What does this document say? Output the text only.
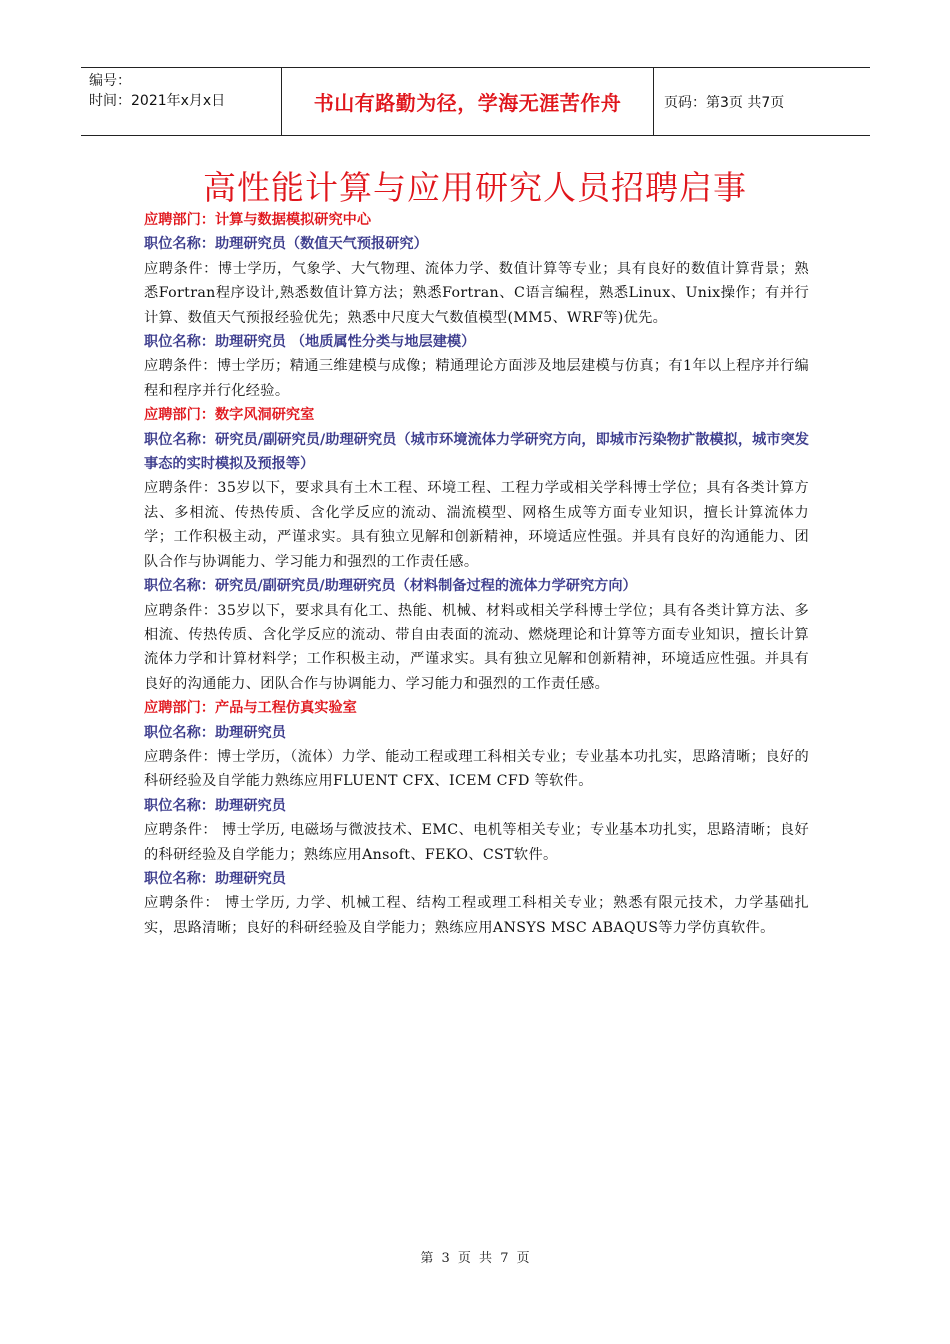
编号：
时间：2021年x月x日	书山有路勤为径，学海无涯苦作舟	页码：第3页 共7页
高性能计算与应用研究人员招聘启事

应聘部门：计算与数据模拟研究中心

职位名称：助理研究员（数值天气预报研究）

应聘条件：博士学历，气象学、大气物理、流体力学、数值计算等专业；具有良好的数值计算背景；熟悉Fortran程序设计,熟悉数值计算方法；熟悉Fortran、C语言编程，熟悉Linux、Unix操作；有并行计算、数值天气预报经验优先；熟悉中尺度大气数值模型(MM5、WRF等)优先。

职位名称：助理研究员 （地质属性分类与地层建模）

应聘条件：博士学历；精通三维建模与成像；精通理论方面涉及地层建模与仿真；有1年以上程序并行编程和程序并行化经验。

应聘部门：数字风洞研究室

职位名称：研究员/副研究员/助理研究员（城市环境流体力学研究方向，即城市污染物扩散模拟，城市突发事态的实时模拟及预报等）

应聘条件：35岁以下，要求具有土木工程、环境工程、工程力学或相关学科博士学位；具有各类计算方法、多相流、传热传质、含化学反应的流动、湍流模型、网格生成等方面专业知识，擅长计算流体力学；工作积极主动，严谨求实。具有独立见解和创新精神，环境适应性强。并具有良好的沟通能力、团队合作与协调能力、学习能力和强烈的工作责任感。

职位名称：研究员/副研究员/助理研究员（材料制备过程的流体力学研究方向）

应聘条件：35岁以下，要求具有化工、热能、机械、材料或相关学科博士学位；具有各类计算方法、多相流、传热传质、含化学反应的流动、带自由表面的流动、燃烧理论和计算等方面专业知识，擅长计算流体力学和计算材料学；工作积极主动，严谨求实。具有独立见解和创新精神，环境适应性强。并具有良好的沟通能力、团队合作与协调能力、学习能力和强烈的工作责任感。

应聘部门：产品与工程仿真实验室

职位名称：助理研究员

应聘条件：博士学历，（流体）力学、能动工程或理工科相关专业；专业基本功扎实，思路清晰；良好的科研经验及自学能力熟练应用FLUENT CFX、ICEM CFD 等软件。

职位名称：助理研究员

应聘条件： 博士学历, 电磁场与微波技术、EMC、电机等相关专业；专业基本功扎实，思路清晰；良好的科研经验及自学能力；熟练应用Ansoft、FEKO、CST软件。

职位名称：助理研究员

应聘条件： 博士学历, 力学、机械工程、结构工程或理工科相关专业；熟悉有限元技术，力学基础扎实，思路清晰；良好的科研经验及自学能力；熟练应用ANSYS MSC ABAQUS等力学仿真软件。

第 3 页 共 7 页
